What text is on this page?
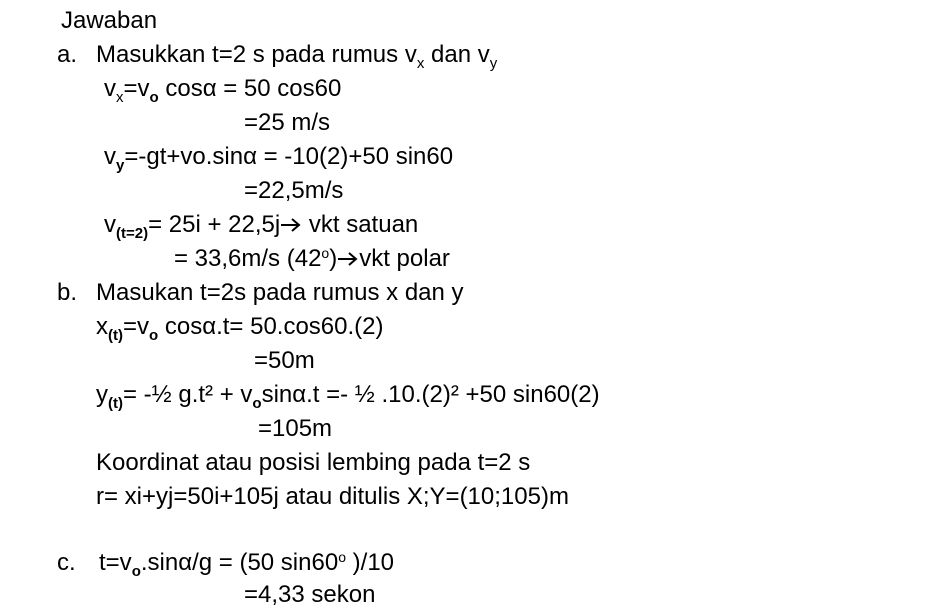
Jawaban
a. Masukkan t=2 s pada rumus $v_x$ dan $v_y$
$v_x=v_o$ cosα = 50 cos60
=25 m/s
$v_y=-gt+vo.\sin\alpha = -10(2)+50$ sin60
=22,5m/s
$v_{(t=2)}= 25i + 22,5j$
vkt satuan
= 33,6m/s (42$^o$) vkt polar
b. Masukan t=2s pada rumus x dan y
$x_{(t)}=v_o$ cosα.t= 50.cos60.(2)
=50m
$y_{(t)}=$ -½ $g.t^2 + v_o\sin\alpha.t$ =- ½ .10.(2)² +50 sin60(2)
=105m
Koordinat atau posisi lembing pada t=2 s
r= xi+yj=50i+105j atau ditulis X;Y=(10;105)m
c. $t=v_o.\sin\alpha/g = (50$ sin60$^o$ )/10
=4,33 sekon
